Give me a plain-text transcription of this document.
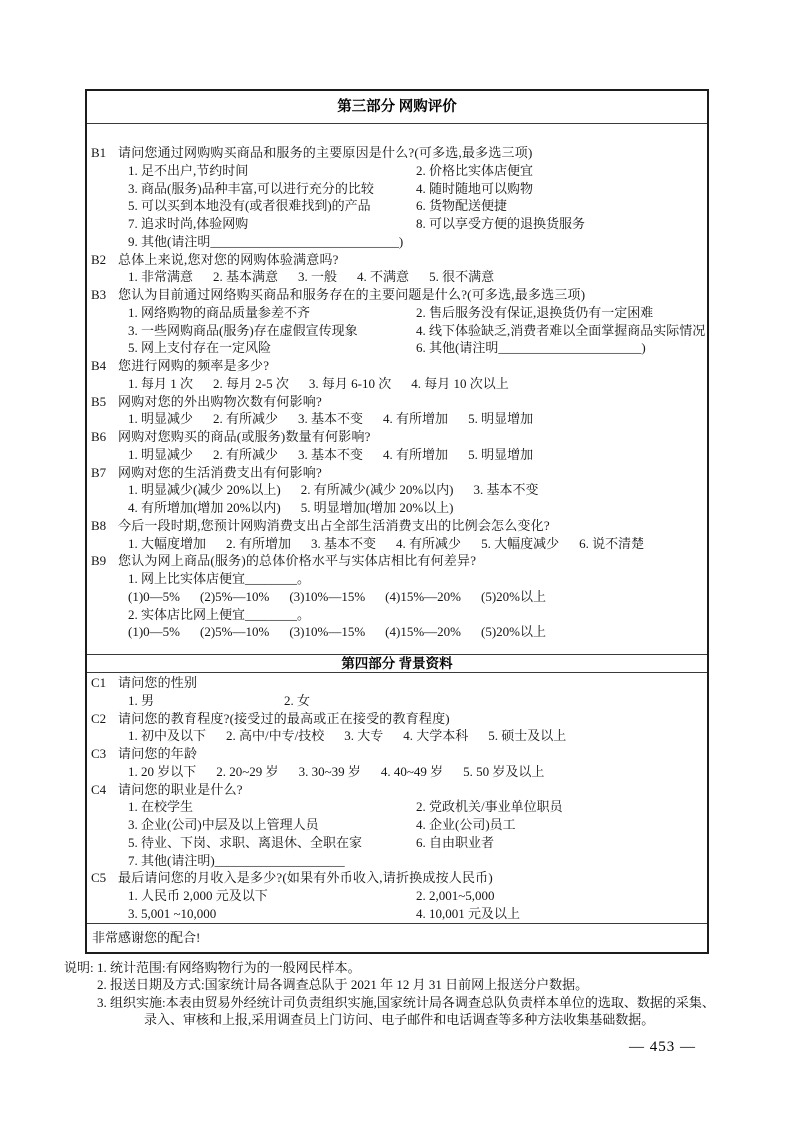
第三部分 网购评价
B1 请问您通过网购购买商品和服务的主要原因是什么?(可多选,最多选三项)
1. 足不出户,节约时间	2. 价格比实体店便宜
3. 商品(服务)品种丰富,可以进行充分的比较	4. 随时随地可以购物
5. 可以买到本地没有(或者很难找到)的产品	6. 货物配送便捷
7. 追求时尚,体验网购	8. 可以享受方便的退换货服务
9. 其他(请注明_____________________________)
B2 总体上来说,您对您的网购体验满意吗?
1. 非常满意 2. 基本满意 3. 一般 4. 不满意 5. 很不满意
B3 您认为目前通过网络购买商品和服务存在的主要问题是什么?(可多选,最多选三项)
1. 网络购物的商品质量参差不齐	2. 售后服务没有保证,退换货仍有一定困难
3. 一些网购商品(服务)存在虚假宣传现象	4. 线下体验缺乏,消费者难以全面掌握商品实际情况
5. 网上支付存在一定风险	6. 其他(请注明______________________)
B4 您进行网购的频率是多少?
1. 每月 1 次 2. 每月 2-5 次 3. 每月 6-10 次 4. 每月 10 次以上
B5 网购对您的外出购物次数有何影响?
1. 明显减少 2. 有所减少 3. 基本不变 4. 有所增加 5. 明显增加
B6 网购对您购买的商品(或服务)数量有何影响?
1. 明显减少 2. 有所减少 3. 基本不变 4. 有所增加 5. 明显增加
B7 网购对您的生活消费支出有何影响?
1. 明显减少(减少 20%以上) 2. 有所减少(减少 20%以内) 3. 基本不变
4. 有所增加(增加 20%以内) 5. 明显增加(增加 20%以上)
B8 今后一段时期,您预计网购消费支出占全部生活消费支出的比例会怎么变化?
1. 大幅度增加 2. 有所增加 3. 基本不变 4. 有所减少 5. 大幅度减少 6. 说不清楚
B9 您认为网上商品(服务)的总体价格水平与实体店相比有何差异?
1. 网上比实体店便宜________。
(1)0—5% (2)5%—10% (3)10%—15% (4)15%—20% (5)20%以上
2. 实体店比网上便宜________。
(1)0—5% (2)5%—10% (3)10%—15% (4)15%—20% (5)20%以上
第四部分 背景资料
C1 请问您的性别
1. 男	2. 女
C2 请问您的教育程度?(接受过的最高或正在接受的教育程度)
1. 初中及以下 2. 高中/中专/技校 3. 大专 4. 大学本科 5. 硕士及以上
C3 请问您的年龄
1. 20 岁以下 2. 20~29 岁 3. 30~39 岁 4. 40~49 岁 5. 50 岁及以上
C4 请问您的职业是什么?
1. 在校学生	2. 党政机关/事业单位职员
3. 企业(公司)中层及以上管理人员	4. 企业(公司)员工
5. 待业、下岗、求职、离退休、全职在家	6. 自由职业者
7. 其他(请注明)____________________
C5 最后请问您的月收入是多少?(如果有外币收入,请折换成按人民币)
1. 人民币 2,000 元及以下	2. 2,001~5,000
3. 5,001 ~10,000	4. 10,001 元及以上
非常感谢您的配合!
说明: 1. 统计范围:有网络购物行为的一般网民样本。
2. 报送日期及方式:国家统计局各调查总队于 2021 年 12 月 31 日前网上报送分户数据。
3. 组织实施:本表由贸易外经统计司负责组织实施,国家统计局各调查总队负责样本单位的选取、数据的采集、
录入、审核和上报,采用调查员上门访问、电子邮件和电话调查等多种方法收集基础数据。
— 453 —
